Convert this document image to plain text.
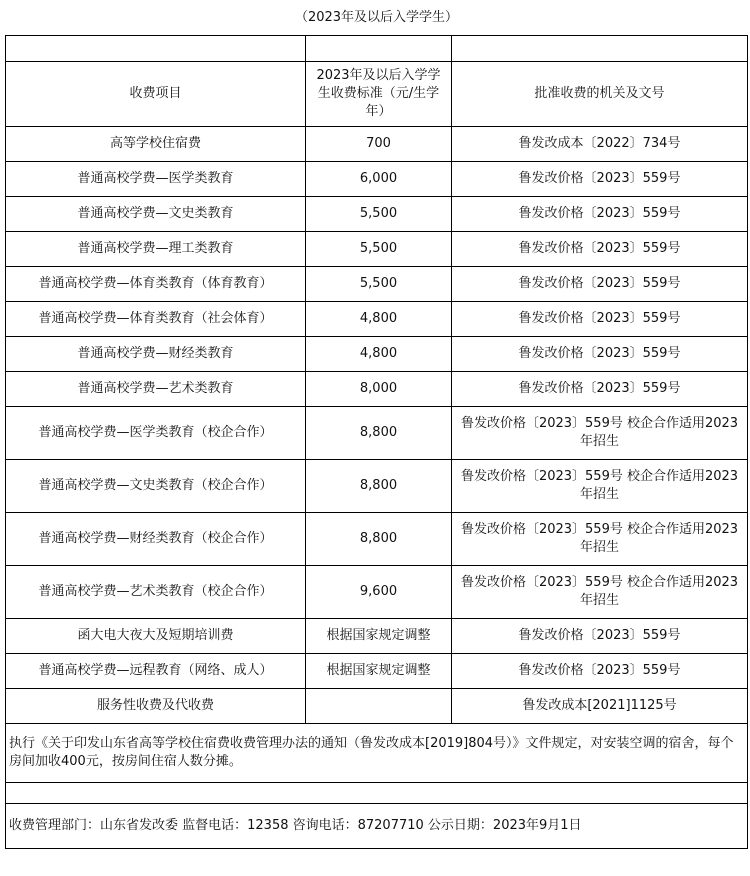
（2023年及以后入学学生）		

收费项目	2023年及以后入学学生收费标准（元/生学年）	批准收费的机关及文号
高等学校住宿费	700	鲁发改成本〔2022〕734号
普通高校学费—医学类教育	6,000	鲁发改价格〔2023〕559号
普通高校学费—文史类教育	5,500	鲁发改价格〔2023〕559号
普通高校学费—理工类教育	5,500	鲁发改价格〔2023〕559号
普通高校学费—体育类教育（体育教育）	5,500	鲁发改价格〔2023〕559号
普通高校学费—体育类教育（社会体育）	4,800	鲁发改价格〔2023〕559号
普通高校学费—财经类教育	4,800	鲁发改价格〔2023〕559号
普通高校学费—艺术类教育	8,000	鲁发改价格〔2023〕559号
普通高校学费—医学类教育（校企合作）	8,800	鲁发改价格〔2023〕559号 校企合作适用2023年招生
普通高校学费—文史类教育（校企合作）	8,800	鲁发改价格〔2023〕559号 校企合作适用2023年招生
普通高校学费—财经类教育（校企合作）	8,800	鲁发改价格〔2023〕559号 校企合作适用2023年招生
普通高校学费—艺术类教育（校企合作）	9,600	鲁发改价格〔2023〕559号 校企合作适用2023年招生
函大电大夜大及短期培训费	根据国家规定调整	鲁发改价格〔2023〕559号
普通高校学费—远程教育（网络、成人）	根据国家规定调整	鲁发改价格〔2023〕559号
服务性收费及代收费		鲁发改成本[2021]1125号
执行《关于印发山东省高等学校住宿费收费管理办法的通知（鲁发改成本[2019]804号）》文件规定，对安装空调的宿舍，每个房间加收400元，按房间住宿人数分摊。		

收费管理部门：山东省发改委 监督电话：12358 咨询电话：87207710 公示日期：2023年9月1日		
